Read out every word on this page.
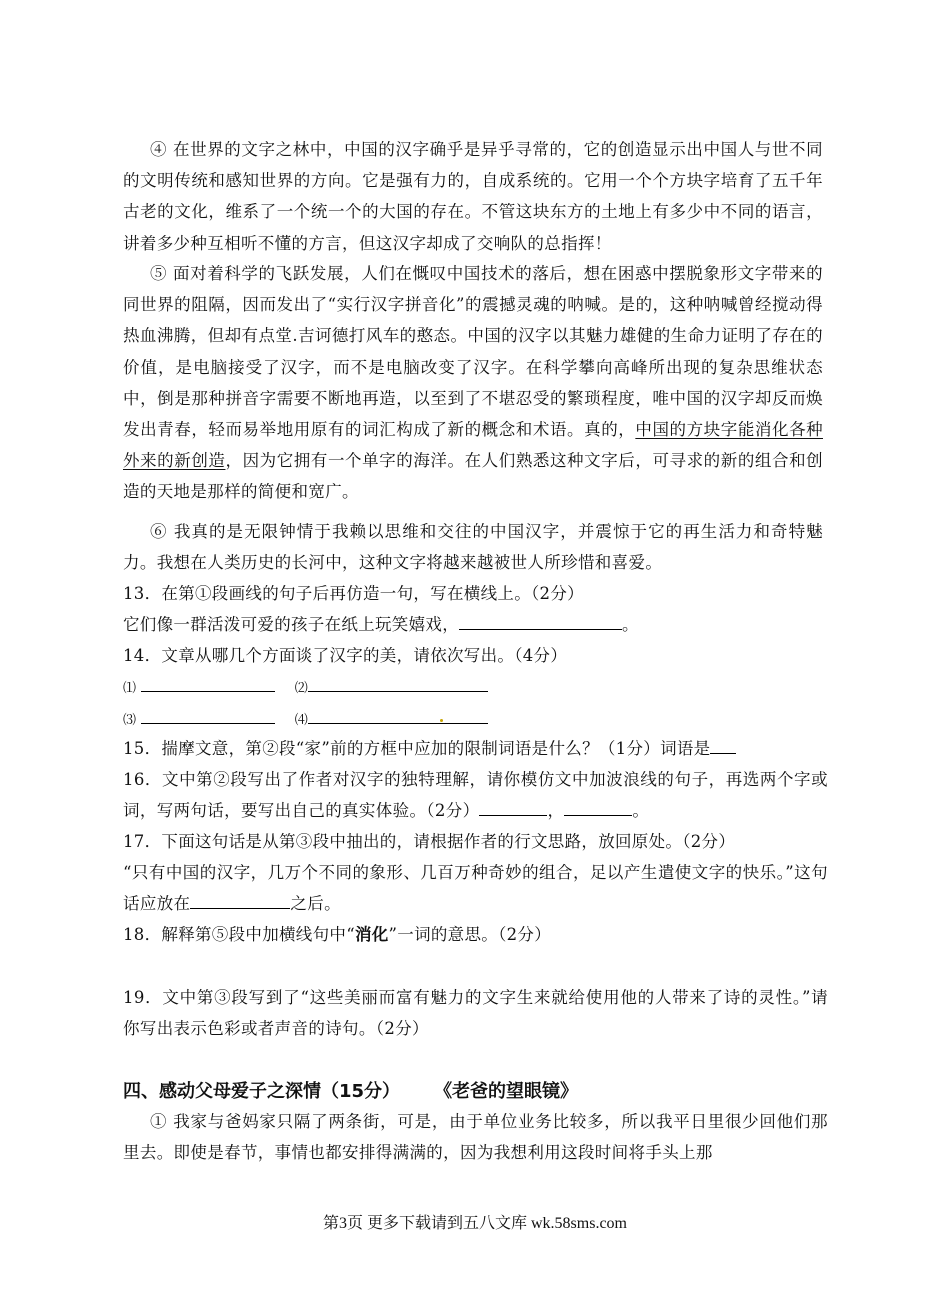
④ 在世界的文字之林中，中国的汉字确乎是异乎寻常的，它的创造显示出中国人与世不同的文明传统和感知世界的方向。它是强有力的，自成系统的。它用一个个方块字培育了五千年古老的文化，维系了一个统一个的大国的存在。不管这块东方的土地上有多少中不同的语言，讲着多少种互相听不懂的方言，但这汉字却成了交响队的总指挥！

⑤ 面对着科学的飞跃发展，人们在慨叹中国技术的落后，想在困惑中摆脱象形文字带来的同世界的阻隔，因而发出了“实行汉字拼音化”的震撼灵魂的呐喊。是的，这种呐喊曾经搅动得热血沸腾，但却有点堂.吉诃德打风车的憨态。中国的汉字以其魅力雄健的生命力证明了存在的价值，是电脑接受了汉字，而不是电脑改变了汉字。在科学攀向高峰所出现的复杂思维状态中，倒是那种拼音字需要不断地再造，以至到了不堪忍受的繁琐程度，唯中国的汉字却反而焕发出青春，轻而易举地用原有的词汇构成了新的概念和术语。真的，中国的方块字能消化各种外来的新创造，因为它拥有一个单字的海洋。在人们熟悉这种文字后，可寻求的新的组合和创造的天地是那样的简便和宽广。

⑥ 我真的是无限钟情于我赖以思维和交往的中国汉字，并震惊于它的再生活力和奇特魅力。我想在人类历史的长河中，这种文字将越来越被世人所珍惜和喜爱。

13．在第①段画线的句子后再仿造一句，写在横线上。（2分）

它们像一群活泼可爱的孩子在纸上玩笑嬉戏，	。

14．文章从哪几个方面谈了汉字的美，请依次写出。（4分）

⑴	⑵

⑶	⑷

15．揣摩文意，第②段“家”前的方框中应加的限制词语是什么？（1分）词语是

16．文中第②段写出了作者对汉字的独特理解，请你模仿文中加波浪线的句子，再选两个字或词，写两句话，要写出自己的真实体验。（2分）	，	。

17．下面这句话是从第③段中抽出的，请根据作者的行文思路，放回原处。（2分）

“只有中国的汉字，几万个不同的象形、几百万种奇妙的组合，足以产生遣使文字的快乐。”这句话应放在	之后。

18．解释第⑤段中加横线句中“消化”一词的意思。（2分）

19．文中第③段写到了“这些美丽而富有魅力的文字生来就给使用他的人带来了诗的灵性。”请你写出表示色彩或者声音的诗句。（2分）

四、感动父母爱子之深情（15分） 《老爸的望眼镜》

① 我家与爸妈家只隔了两条街，可是，由于单位业务比较多，所以我平日里很少回他们那里去。即使是春节，事情也都安排得满满的，因为我想利用这段时间将手头上那

第3页 更多下载请到五八文库 wk.58sms.com
